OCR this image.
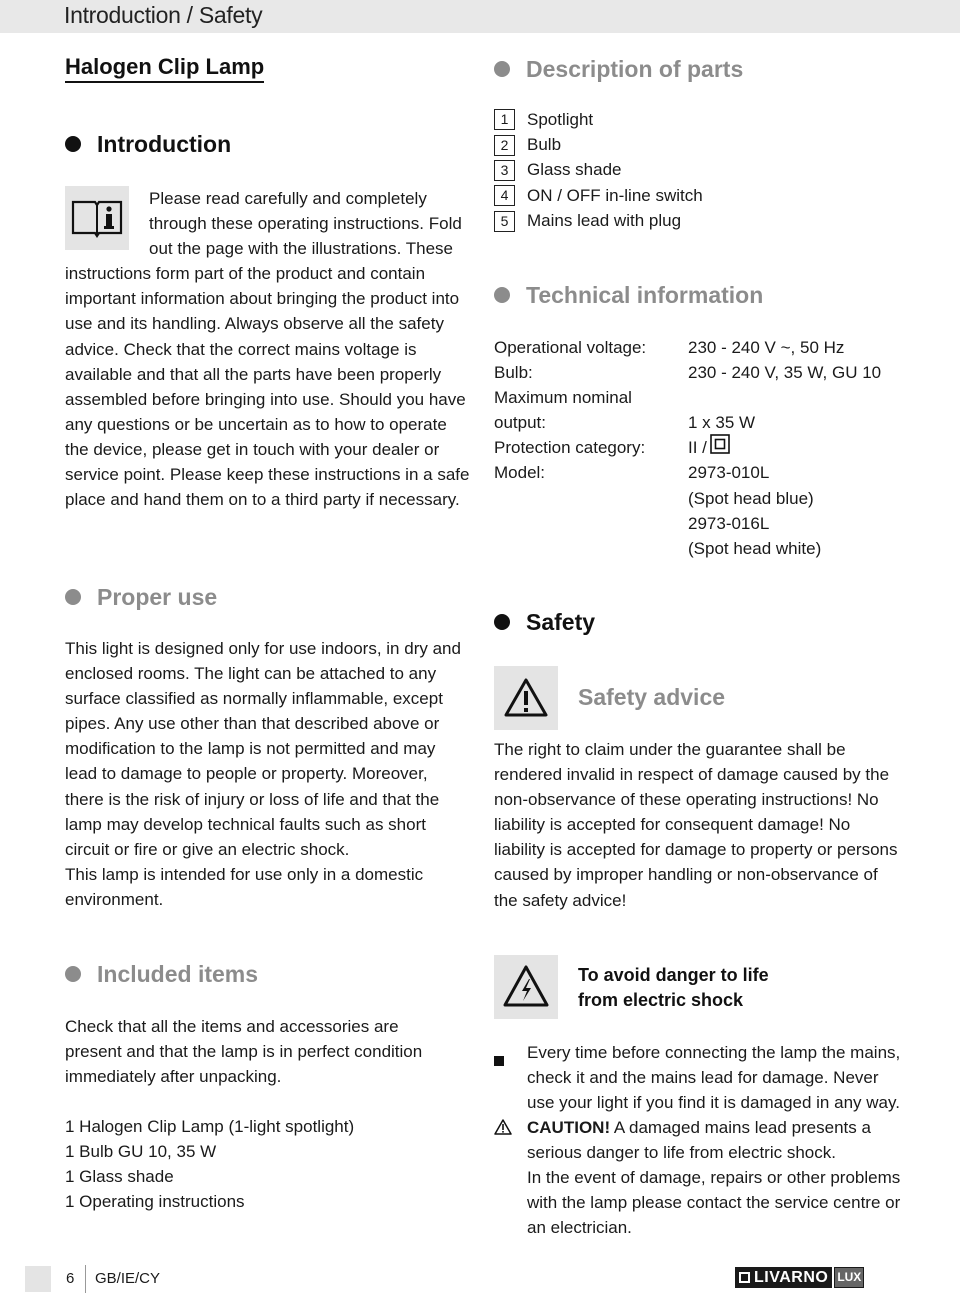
Introduction / Safety
Halogen Clip Lamp
Introduction

Please read carefully and completely through these operating instructions. Fold out the page with the illustrations. These instructions form part of the product and contain important information about bringing the product into use and its handling. Always observe all the safety advice. Check that the correct mains voltage is available and that all the parts have been properly assembled before bringing into use. Should you have any questions or be uncertain as to how to operate the device, please get in touch with your dealer or service point. Please keep these instructions in a safe place and hand them on to a third party if necessary.

Proper use

This light is designed only for use indoors, in dry and enclosed rooms. The light can be attached to any surface classified as normally inflammable, except pipes. Any use other than that described above or modification to the lamp is not permitted and may lead to damage to people or property. Moreover, there is the risk of injury or loss of life and that the lamp may develop technical faults such as short circuit or fire or give an electric shock.

This lamp is intended for use only in a domestic environment.

Included items

Check that all the items and accessories are present and that the lamp is in perfect condition immediately after unpacking.

1 Halogen Clip Lamp (1-light spotlight)

1 Bulb GU 10, 35 W

1 Glass shade

1 Operating instructions

Description of parts
1	Spotlight
2	Bulb
3	Glass shade
4	ON / OFF in-line switch
5	Mains lead with plug
Technical information
Operational voltage:	230 - 240 V ~, 50 Hz
Bulb:	230 - 240 V, 35 W, GU 10
Maximum nominal
output:	1 x 35 W
Protection category:	II /
Model:	2973-010L
(Spot head blue)
2973-016L
(Spot head white)
Safety
Safety advice

The right to claim under the guarantee shall be rendered invalid in respect of damage caused by the non-observance of these operating instructions! No liability is accepted for consequent damage! No liability is accepted for damage to property or persons caused by improper handling or non-observance of the safety advice!

To avoid danger to life
from electric shock

Every time before connecting the lamp the mains, check it and the mains lead for damage. Never use your light if you find it is damaged in any way.

CAUTION! A damaged mains lead presents a serious danger to life from electric shock.

In the event of damage, repairs or other problems with the lamp please contact the service centre or an electrician.

6 GB/IE/CY	LIVARNO LUX
